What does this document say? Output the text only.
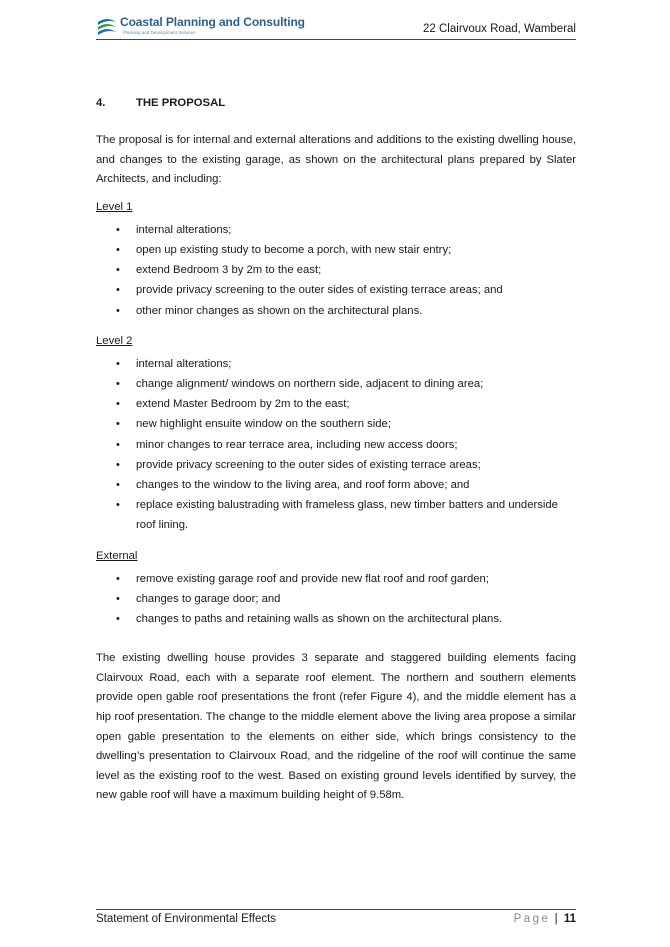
Coastal Planning and Consulting
Planning and Development Services	22 Clairvoux Road, Wamberal
4.	THE PROPOSAL

The proposal is for internal and external alterations and additions to the existing dwelling house, and changes to the existing garage, as shown on the architectural plans prepared by Slater Architects, and including:

Level 1
• internal alterations;
• open up existing study to become a porch, with new stair entry;
• extend Bedroom 3 by 2m to the east;
• provide privacy screening to the outer sides of existing terrace areas; and
• other minor changes as shown on the architectural plans.
Level 2
• internal alterations;
• change alignment/ windows on northern side, adjacent to dining area;
• extend Master Bedroom by 2m to the east;
• new highlight ensuite window on the southern side;
• minor changes to rear terrace area, including new access doors;
• provide privacy screening to the outer sides of existing terrace areas;
• changes to the window to the living area, and roof form above; and
• replace existing balustrading with frameless glass, new timber batters and underside roof lining.
External
• remove existing garage roof and provide new flat roof and roof garden;
• changes to garage door; and
• changes to paths and retaining walls as shown on the architectural plans.

The existing dwelling house provides 3 separate and staggered building elements facing Clairvoux Road, each with a separate roof element. The northern and southern elements provide open gable roof presentations the front (refer Figure 4), and the middle element has a hip roof presentation. The change to the middle element above the living area propose a similar open gable presentation to the elements on either side, which brings consistency to the dwelling’s presentation to Clairvoux Road, and the ridgeline of the roof will continue the same level as the existing roof to the west. Based on existing ground levels identified by survey, the new gable roof will have a maximum building height of 9.58m.

Statement of Environmental Effects	Page | 11
